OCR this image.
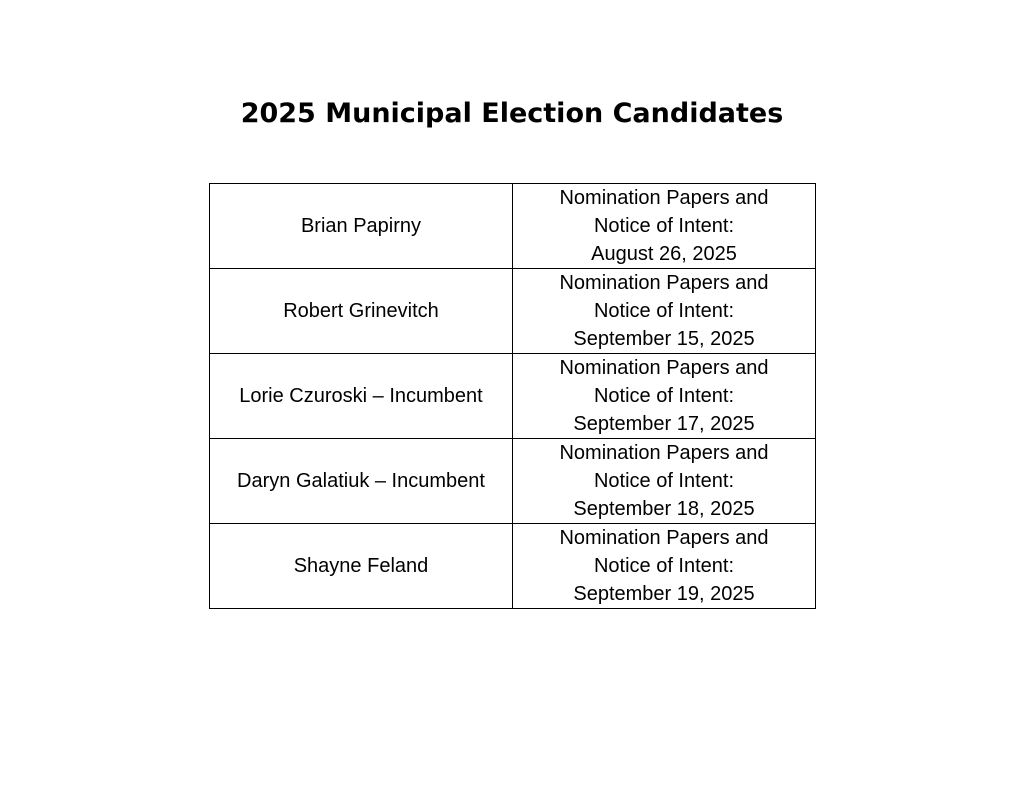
2025 Municipal Election Candidates
Brian Papirny	Nomination Papers and
Notice of Intent:
August 26, 2025

Robert Grinevitch	Nomination Papers and
Notice of Intent:
September 15, 2025

Lorie Czuroski – Incumbent	Nomination Papers and
Notice of Intent:
September 17, 2025

Daryn Galatiuk – Incumbent	Nomination Papers and
Notice of Intent:
September 18, 2025

Shayne Feland	Nomination Papers and
Notice of Intent:
September 19, 2025
